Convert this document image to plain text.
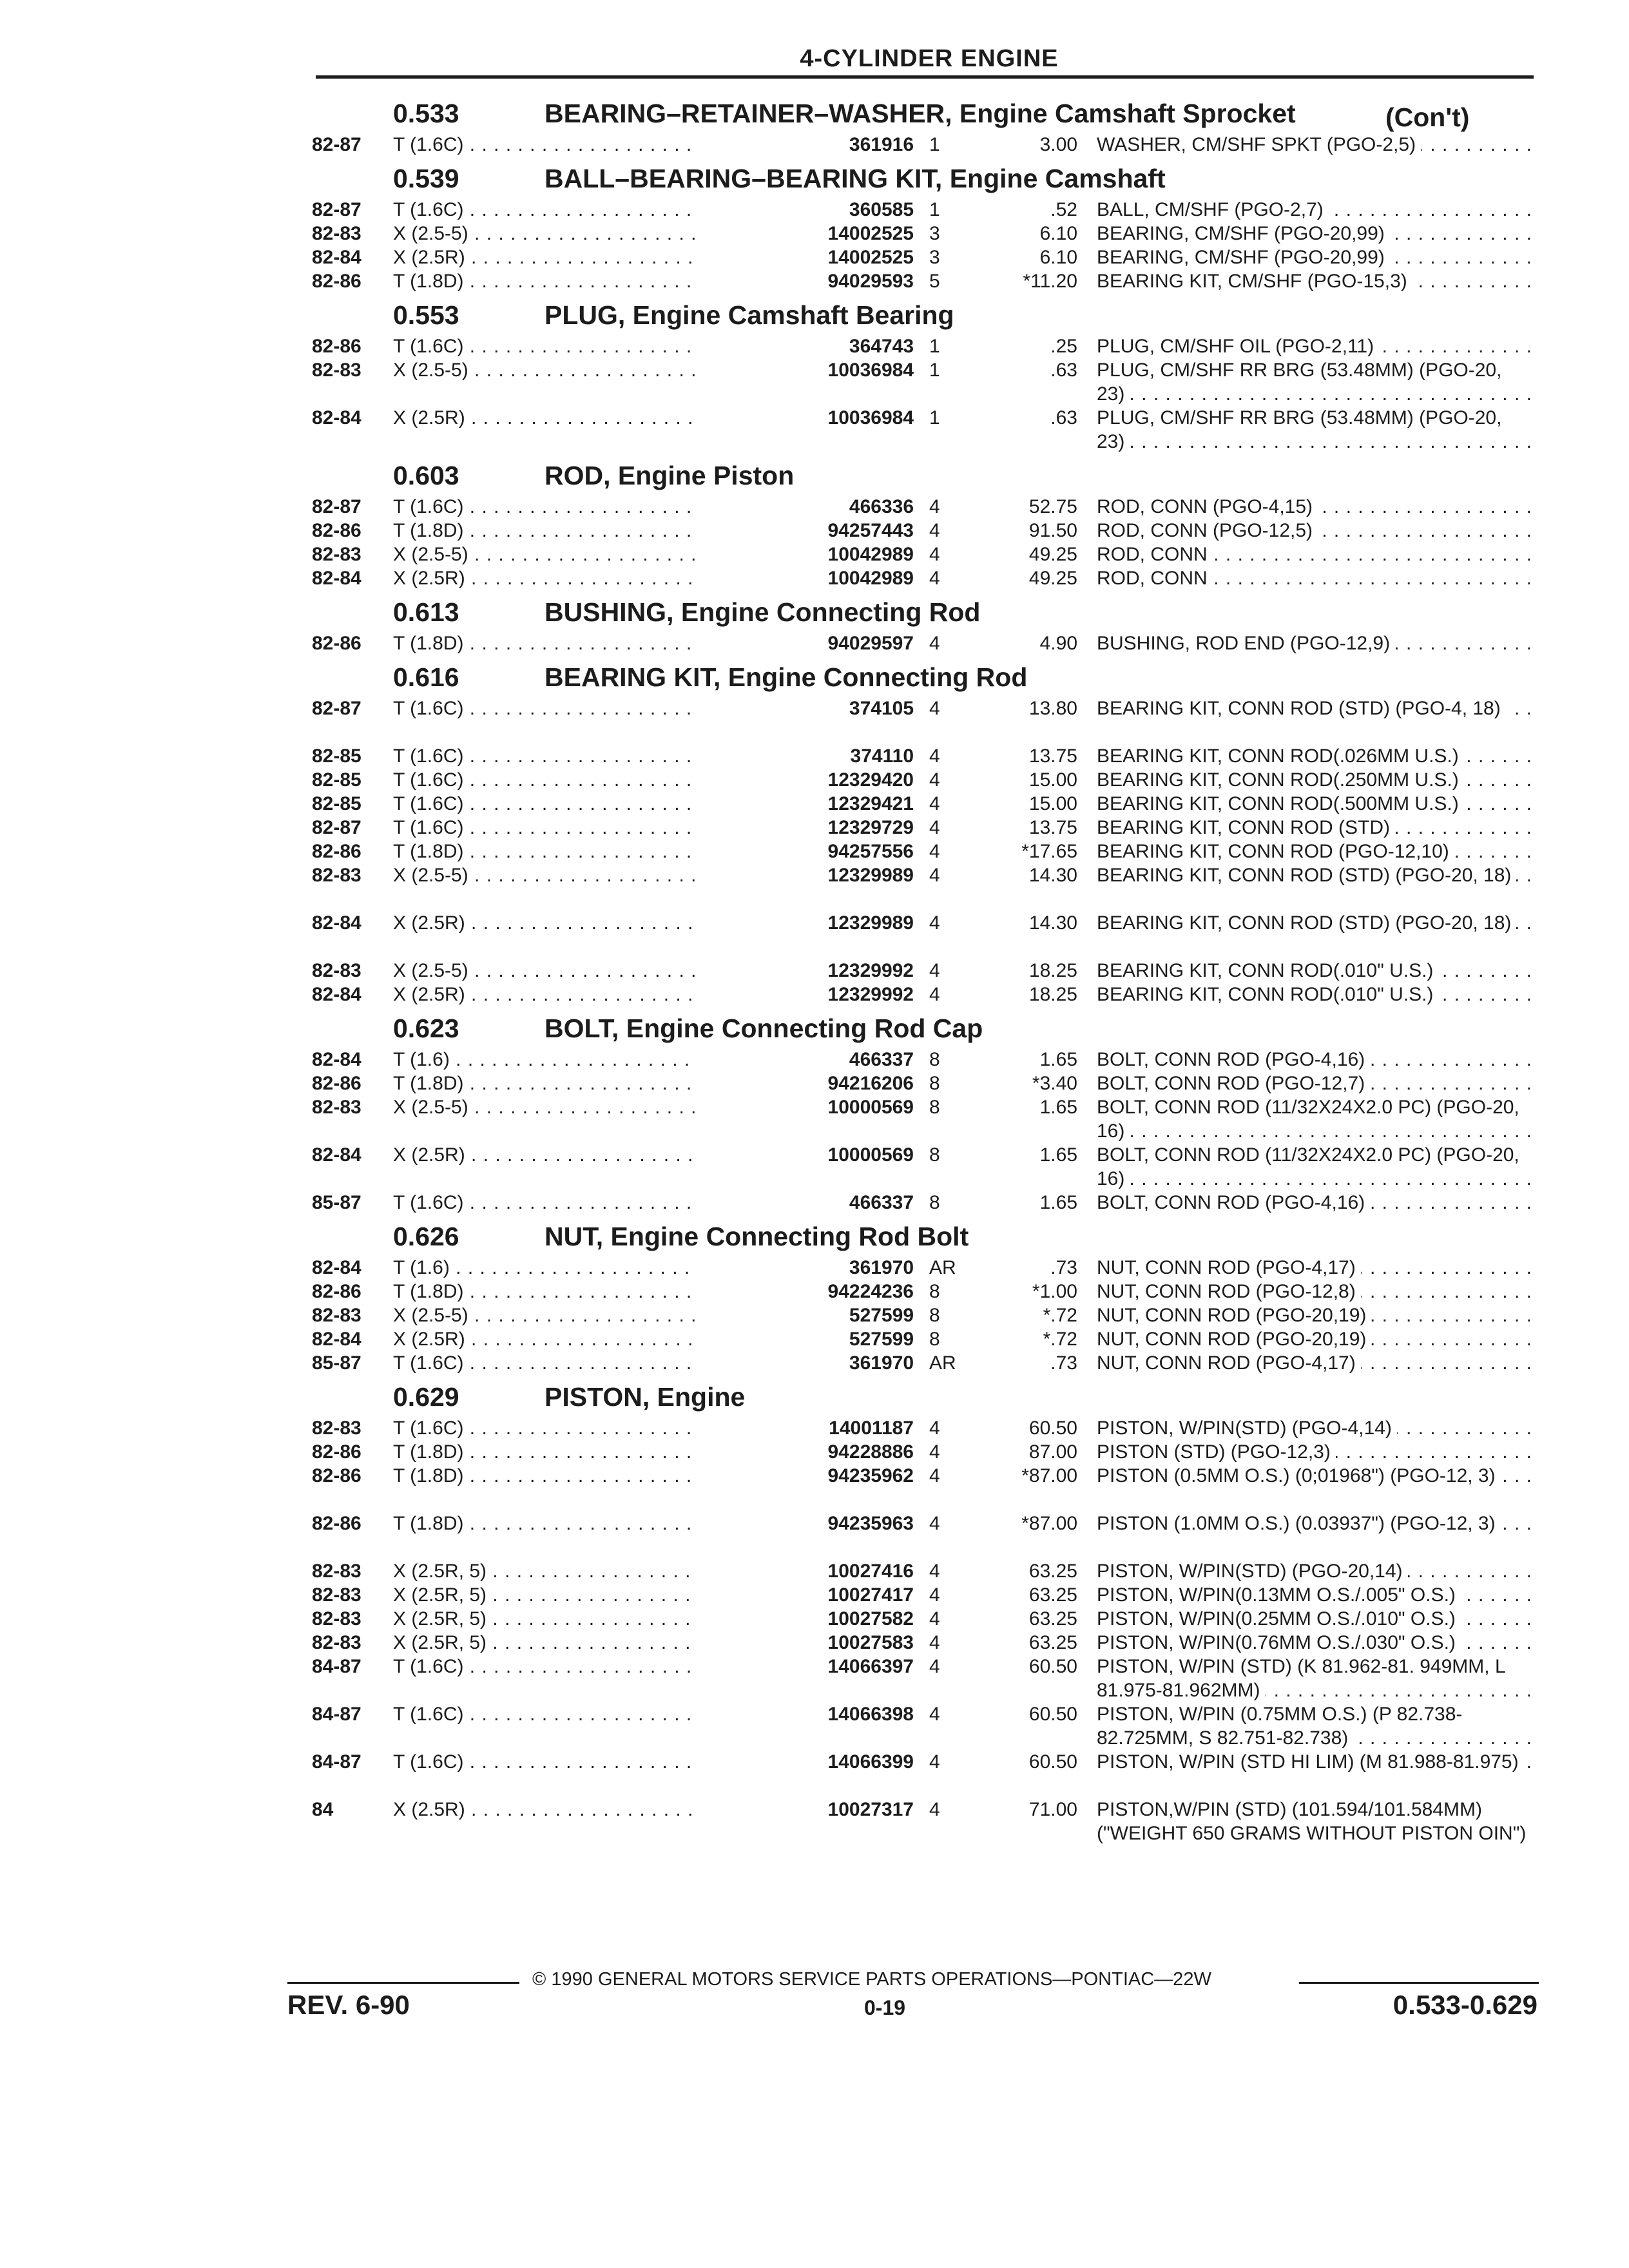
4-CYLINDER ENGINE
0.533	BEARING–RETAINER–WASHER, Engine Camshaft Sprocket	(Con't)
82-87 T (1.6C) . . .	361916 1	3.00 WASHER, CM/SHF SPKT (PGO-2,5) . . .
0.539	BALL–BEARING–BEARING KIT, Engine Camshaft
82-87 T (1.6C) . . .	360585 1	.52 BALL, CM/SHF (PGO-2,7) . . .
82-83 X (2.5-5) . . .	14002525 3	6.10 BEARING, CM/SHF (PGO-20,99) . . .
82-84 X (2.5R) . . .	14002525 3	6.10 BEARING, CM/SHF (PGO-20,99) . . .
82-86 T (1.8D) . . .	94029593 5	*11.20 BEARING KIT, CM/SHF (PGO-15,3) . . .
0.553	PLUG, Engine Camshaft Bearing
82-86 T (1.6C) . . .	364743 1	.25 PLUG, CM/SHF OIL (PGO-2,11) . . .
82-83 X (2.5-5) . . .	10036984 1	.63 PLUG, CM/SHF RR BRG (53.48MM) (PGO-20, 23) . . .
82-84 X (2.5R) . . .	10036984 1	.63 PLUG, CM/SHF RR BRG (53.48MM) (PGO-20, 23) . . .
0.603	ROD, Engine Piston
82-87 T (1.6C) . . .	466336 4	52.75 ROD, CONN (PGO-4,15) . . .
82-86 T (1.8D) . . .	94257443 4	91.50 ROD, CONN (PGO-12,5) . . .
82-83 X (2.5-5) . . .	10042989 4	49.25 ROD, CONN . . .
82-84 X (2.5R) . . .	10042989 4	49.25 ROD, CONN . . .
0.613	BUSHING, Engine Connecting Rod
82-86 T (1.8D) . . .	94029597 4	4.90 BUSHING, ROD END (PGO-12,9) . . .
0.616	BEARING KIT, Engine Connecting Rod
82-87 T (1.6C) . . .	374105 4	13.80 BEARING KIT, CONN ROD (STD) (PGO-4, 18) . . .
82-85 T (1.6C) . . .	374110 4	13.75 BEARING KIT, CONN ROD(.026MM U.S.) . . .
82-85 T (1.6C) . . .	12329420 4	15.00 BEARING KIT, CONN ROD(.250MM U.S.) . . .
82-85 T (1.6C) . . .	12329421 4	15.00 BEARING KIT, CONN ROD(.500MM U.S.) . . .
82-87 T (1.6C) . . .	12329729 4	13.75 BEARING KIT, CONN ROD (STD) . . .
82-86 T (1.8D) . . .	94257556 4	*17.65 BEARING KIT, CONN ROD (PGO-12,10) . . .
82-83 X (2.5-5) . . .	12329989 4	14.30 BEARING KIT, CONN ROD (STD) (PGO-20, 18) . . .
82-84 X (2.5R) . . .	12329989 4	14.30 BEARING KIT, CONN ROD (STD) (PGO-20, 18) . . .
82-83 X (2.5-5) . . .	12329992 4	18.25 BEARING KIT, CONN ROD(.010" U.S.) . . .
82-84 X (2.5R) . . .	12329992 4	18.25 BEARING KIT, CONN ROD(.010" U.S.) . . .
0.623	BOLT, Engine Connecting Rod Cap
82-84 T (1.6) . . .	466337 8	1.65 BOLT, CONN ROD (PGO-4,16) . . .
82-86 T (1.8D) . . .	94216206 8	*3.40 BOLT, CONN ROD (PGO-12,7) . . .
82-83 X (2.5-5) . . .	10000569 8	1.65 BOLT, CONN ROD (11/32X24X2.0 PC) (PGO-20, 16) . . .
82-84 X (2.5R) . . .	10000569 8	1.65 BOLT, CONN ROD (11/32X24X2.0 PC) (PGO-20, 16) . . .
85-87 T (1.6C) . . .	466337 8	1.65 BOLT, CONN ROD (PGO-4,16) . . .
0.626	NUT, Engine Connecting Rod Bolt
82-84 T (1.6) . . .	361970 AR	.73 NUT, CONN ROD (PGO-4,17) . . .
82-86 T (1.8D) . . .	94224236 8	*1.00 NUT, CONN ROD (PGO-12,8) . . .
82-83 X (2.5-5) . . .	527599 8	*.72 NUT, CONN ROD (PGO-20,19) . . .
82-84 X (2.5R) . . .	527599 8	*.72 NUT, CONN ROD (PGO-20,19) . . .
85-87 T (1.6C) . . .	361970 AR	.73 NUT, CONN ROD (PGO-4,17) . . .
0.629	PISTON, Engine
82-83 T (1.6C) . . .	14001187 4	60.50 PISTON, W/PIN(STD) (PGO-4,14) . . .
82-86 T (1.8D) . . .	94228886 4	87.00 PISTON (STD) (PGO-12,3) . . .
82-86 T (1.8D) . . .	94235962 4	*87.00 PISTON (0.5MM O.S.) (0;01968") (PGO-12, 3) . . .
82-86 T (1.8D) . . .	94235963 4	*87.00 PISTON (1.0MM O.S.) (0.03937") (PGO-12, 3) . . .
82-83 X (2.5R, 5) . . .	10027416 4	63.25 PISTON, W/PIN(STD) (PGO-20,14) . . .
82-83 X (2.5R, 5) . . .	10027417 4	63.25 PISTON, W/PIN(0.13MM O.S./.005" O.S.) . . .
82-83 X (2.5R, 5) . . .	10027582 4	63.25 PISTON, W/PIN(0.25MM O.S./.010" O.S.) . . .
82-83 X (2.5R, 5) . . .	10027583 4	63.25 PISTON, W/PIN(0.76MM O.S./.030" O.S.) . . .
84-87 T (1.6C) . . .	14066397 4	60.50 PISTON, W/PIN (STD) (K 81.962-81. 949MM, L 81.975-81.962MM) . . .
84-87 T (1.6C) . . .	14066398 4	60.50 PISTON, W/PIN (0.75MM O.S.) (P 82.738-82.725MM, S 82.751-82.738) . . .
84-87 T (1.6C) . . .	14066399 4	60.50 PISTON, W/PIN (STD HI LIM) (M 81.988-81.975) . . .
84	X (2.5R) . . .	10027317 4	71.00 PISTON,W/PIN (STD) (101.594/101.584MM) ("WEIGHT 650 GRAMS WITHOUT PISTON OIN") . . .
© 1990 GENERAL MOTORS SERVICE PARTS OPERATIONS—PONTIAC—22W
REV. 6-90	0-19	0.533-0.629
